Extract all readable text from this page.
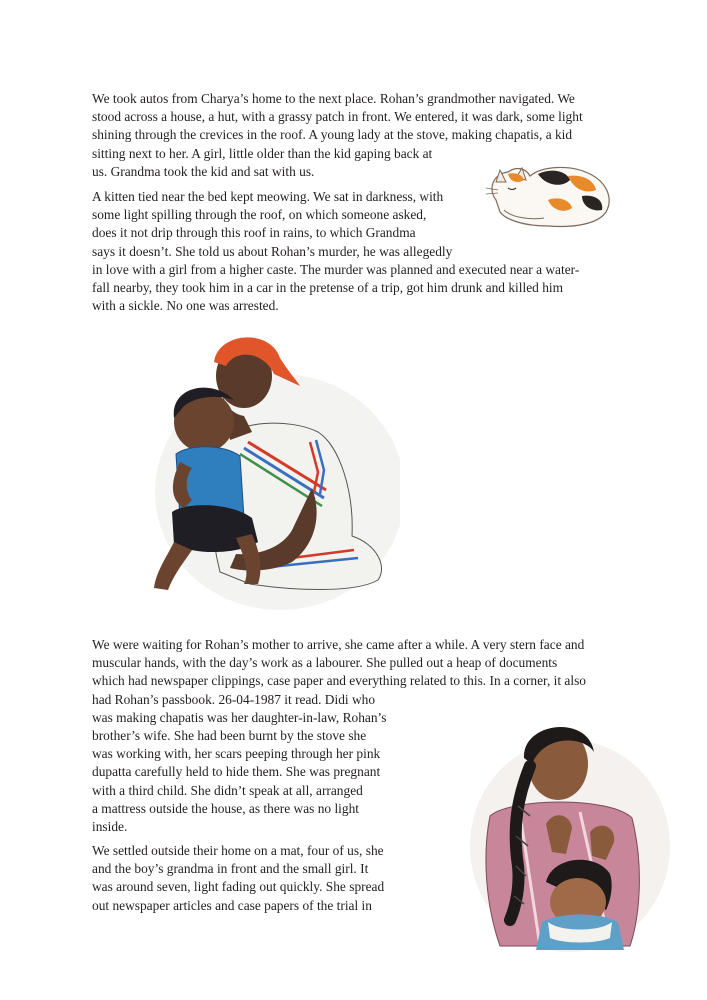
We took autos from Charya’s home to the next place. Rohan’s grandmother navigated. We
stood across a house, a hut, with a grassy patch in front. We entered, it was dark, some light
shining through the crevices in the roof. A young lady at the stove, making chapatis, a kid
sitting next to her. A girl, little older than the kid gaping back at
us. Grandma took the kid and sat with us.

A kitten tied near the bed kept meowing. We sat in darkness, with
some light spilling through the roof, on which someone asked,
does it not drip through this roof in rains, to which Grandma
says it doesn’t. She told us about Rohan’s murder, he was allegedly
in love with a girl from a higher caste. The murder was planned and executed near a water-
fall nearby, they took him in a car in the pretense of a trip, got him drunk and killed him
with a sickle. No one was arrested.

We were waiting for Rohan’s mother to arrive, she came after a while. A very stern face and
muscular hands, with the day’s work as a labourer. She pulled out a heap of documents
which had newspaper clippings, case paper and everything related to this. In a corner, it also
had Rohan’s passbook. 26-04-1987 it read. Didi who
was making chapatis was her daughter-in-law, Rohan’s
brother’s wife. She had been burnt by the stove she
was working with, her scars peeping through her pink
dupatta carefully held to hide them. She was pregnant
with a third child. She didn’t speak at all, arranged
a mattress outside the house, as there was no light
inside.

We settled outside their home on a mat, four of us, she
and the boy’s grandma in front and the small girl. It
was around seven, light fading out quickly. She spread
out newspaper articles and case papers of the trial in
